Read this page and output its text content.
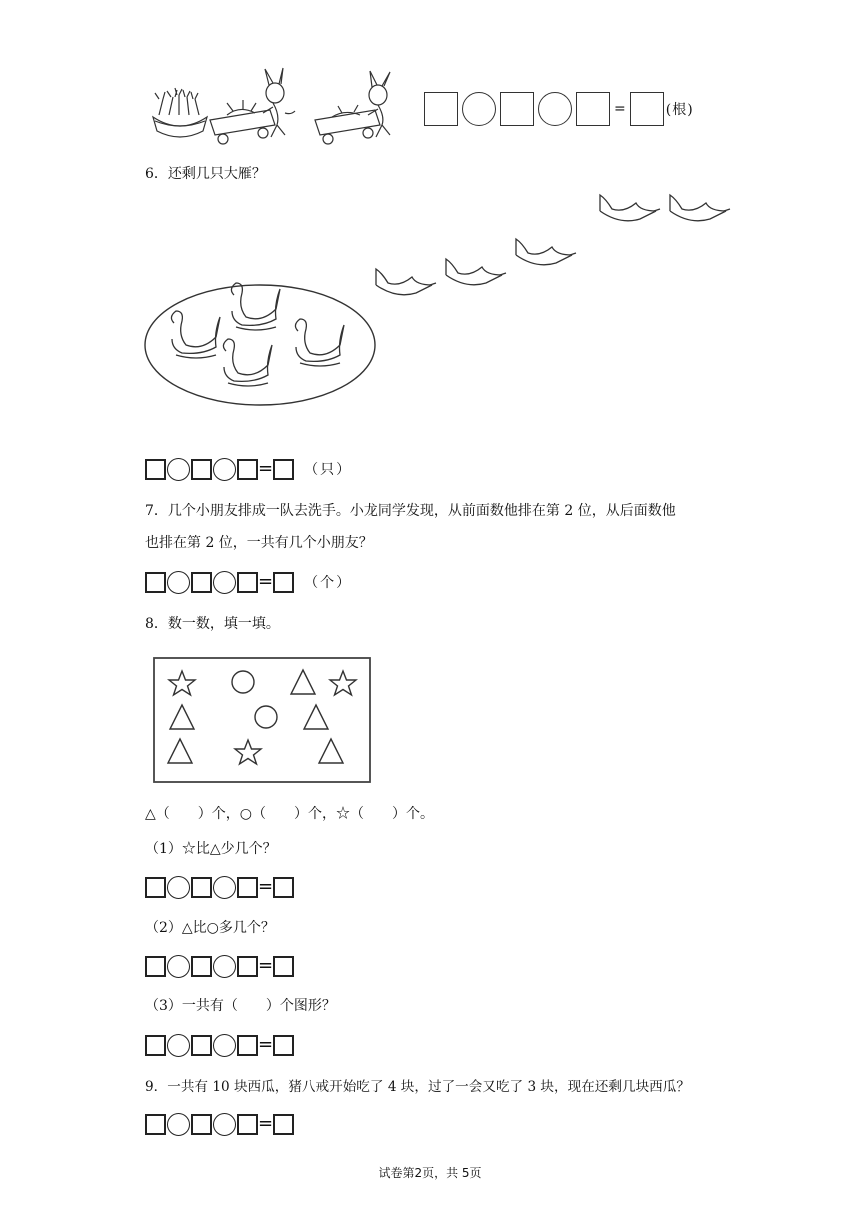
=	(根)
6．还剩几只大雁？
= （只）
7．几个小朋友排成一队去洗手。小龙同学发现，从前面数他排在第 2 位，从后面数他
也排在第 2 位，一共有几个小朋友？
= （个）
8．数一数，填一填。
△（　　）个，○（　　）个，☆（　　）个。
（1）☆比△少几个？
=
（2）△比○多几个？
=
（3）一共有（　　）个图形？
=
9．一共有 10 块西瓜，猪八戒开始吃了 4 块，过了一会又吃了 3 块，现在还剩几块西瓜？
=
试卷第2页，共 5页
